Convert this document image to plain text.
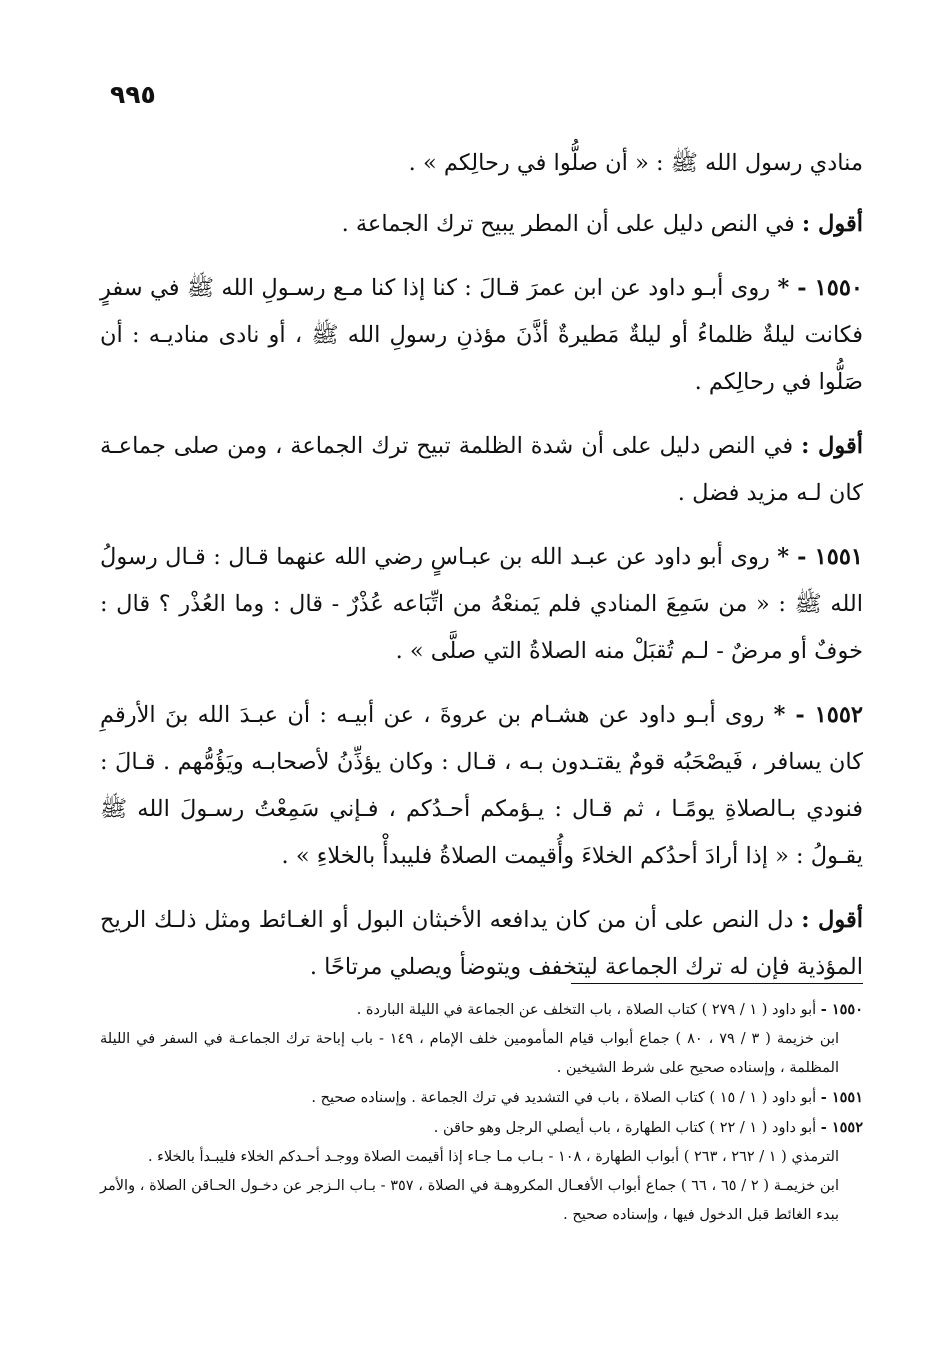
٩٩٥

منادي رسول الله ﷺ : « أن صلُّوا في رحالِكم » .

أقول : في النص دليل على أن المطر يبيح ترك الجماعة .

١٥٥٠ - * روى أبـو داود عن ابن عمرَ قـالَ : كنا إذا كنا مـع رسـولِ الله ﷺ في سفرٍ فكانت ليلةٌ ظلماءُ أو ليلةٌ مَطيرةٌ أذَّنَ مؤذنِ رسولِ الله ﷺ ، أو نادى مناديـه : أن صَلُّوا في رحالِكم .

أقول : في النص دليل على أن شدة الظلمة تبيح ترك الجماعة ، ومن صلى جماعـة كان لـه مزيد فضل .

١٥٥١ - * روى أبو داود عن عبـد الله بن عبـاسٍ رضي الله عنهما قـال : قـال رسولُ الله ﷺ : « من سَمِعَ المنادي فلم يَمنعْهُ من اتِّبَاعه عُذْرٌ - قال : وما العُذْر ؟ قال : خوفٌ أو مرضٌ - لـم تُقبَلْ منه الصلاةُ التي صلَّى » .

١٥٥٢ - * روى أبـو داود عن هشـام بن عروةَ ، عن أبيـه : أن عبـدَ الله بنَ الأرقمِ كان يسافر ، فَيصْحَبُه قومٌ يقتـدون بـه ، قـال : وكان يؤذِّنُ لأصحابـه ويَؤُمُّهم . قـالَ : فنودي بـالصلاةِ يومًـا ، ثم قـال : يـؤمكم أحـدُكم ، فـإني سَمِعْتُ رسـولَ الله ﷺ يقـولُ : « إذا أرادَ أحدُكم الخلاءَ وأُقيمت الصلاةُ فليبدأْ بالخلاءِ » .

أقول : دل النص على أن من كان يدافعه الأخبثان البول أو الغـائط ومثل ذلـك الريح المؤذية فإن له ترك الجماعة ليتخفف ويتوضأ ويصلي مرتاحًا .

١٥٥٠ - أبو داود ( ١ / ٢٧٩ ) كتاب الصلاة ، باب التخلف عن الجماعة في الليلة الباردة .

ابن خزيمة ( ٣ / ٧٩ ، ٨٠ ) جماع أبواب قيام المأمومين خلف الإمام ، ١٤٩ - باب إباحة ترك الجماعـة في السفر في الليلة المظلمة ، وإسناده صحيح على شرط الشيخين .

١٥٥١ - أبو داود ( ١ / ١٥ ) كتاب الصلاة ، باب في التشديد في ترك الجماعة . وإسناده صحيح .

١٥٥٢ - أبو داود ( ١ / ٢٢ ) كتاب الطهارة ، باب أيصلي الرجل وهو حاقن .

الترمذي ( ١ / ٢٦٢ ، ٢٦٣ ) أبواب الطهارة ، ١٠٨ - بـاب مـا جـاء إذا أقيمت الصلاة ووجـد أحـدكم الخلاء فليبـدأ بالخلاء .

ابن خزيمـة ( ٢ / ٦٥ ، ٦٦ ) جماع أبواب الأفعـال المكروهـة في الصلاة ، ٣٥٧ - بـاب الـزجر عن دخـول الحـاقن الصلاة ، والأمر ببدء الغائط قبل الدخول فيها ، وإسناده صحيح .
